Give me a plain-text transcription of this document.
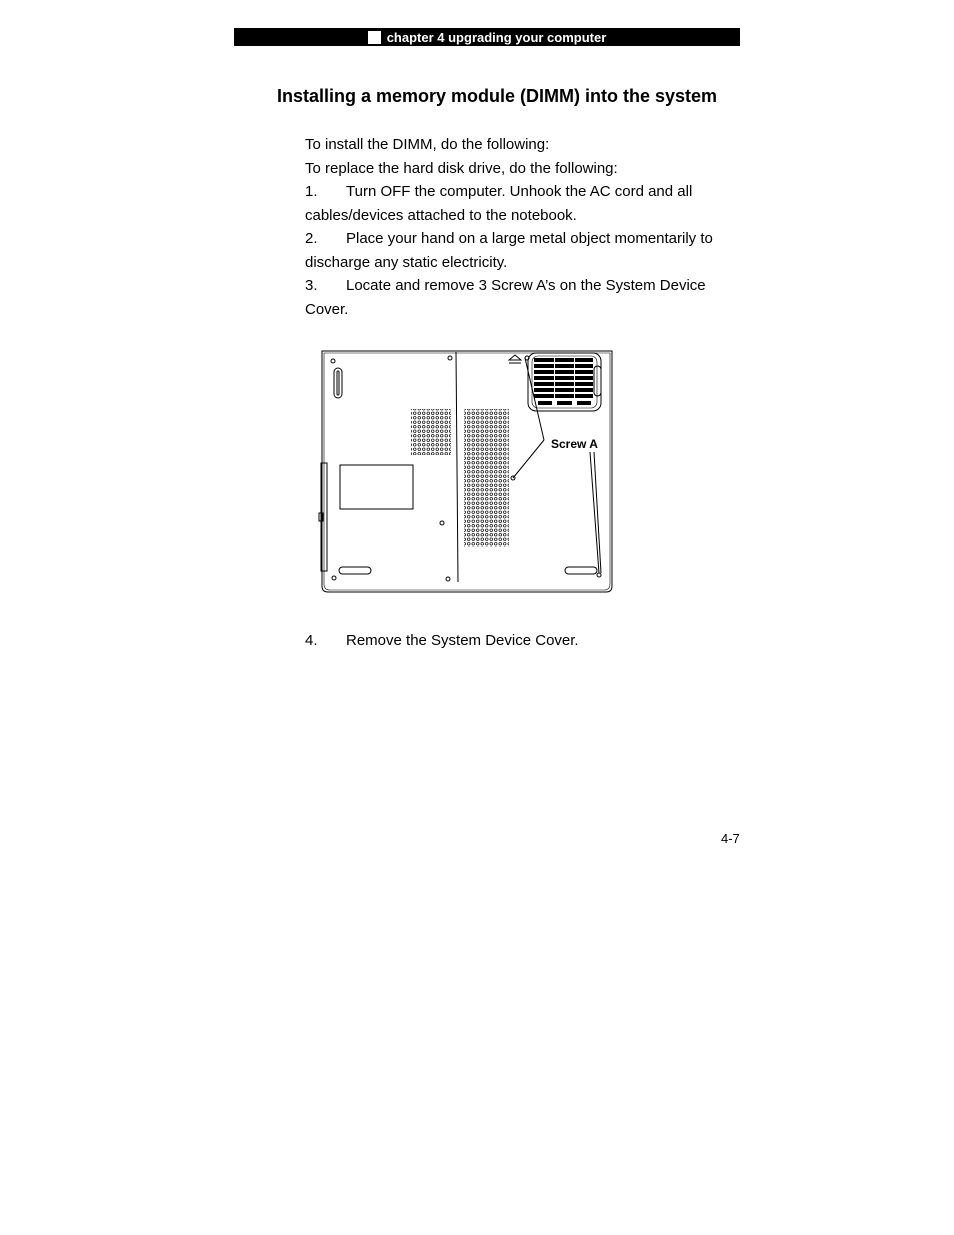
chapter 4 upgrading your computer
Installing a memory module (DIMM) into the system

To install the DIMM, do the following:

To replace the hard disk drive, do the following:

1. Turn OFF the computer. Unhook the AC cord and all

cables/devices attached to the notebook.

2. Place your hand on a large metal object momentarily to

discharge any static electricity.

3. Locate and remove 3 Screw A’s on the System Device

Cover.

Screw A
4. Remove the System Device Cover.
4-7
